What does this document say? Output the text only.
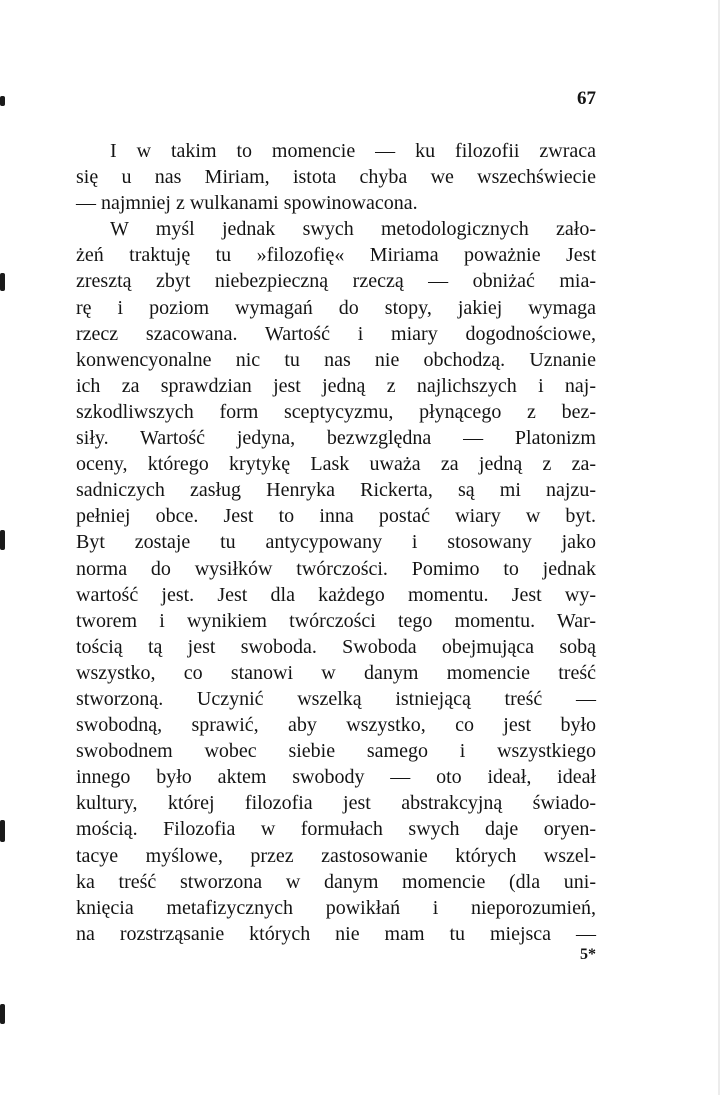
67
I w takim to momencie — ku filozofii zwraca
się u nas Miriam, istota chyba we wszechświecie
— najmniej z wulkanami spowinowacona.
W myśl jednak swych metodologicznych zało-
żeń traktuję tu »filozofię« Miriama poważnie Jest
zresztą zbyt niebezpieczną rzeczą — obniżać mia-
rę i poziom wymagań do stopy, jakiej wymaga
rzecz szacowana. Wartość i miary dogodnościowe,
konwencyonalne nic tu nas nie obchodzą. Uznanie
ich za sprawdzian jest jedną z najlichszych i naj-
szkodliwszych form sceptycyzmu, płynącego z bez-
siły. Wartość jedyna, bezwzględna — Platonizm
oceny, którego krytykę Lask uważa za jedną z za-
sadniczych zasług Henryka Rickerta, są mi najzu-
pełniej obce. Jest to inna postać wiary w byt.
Byt zostaje tu antycypowany i stosowany jako
norma do wysiłków twórczości. Pomimo to jednak
wartość jest. Jest dla każdego momentu. Jest wy-
tworem i wynikiem twórczości tego momentu. War-
tością tą jest swoboda. Swoboda obejmująca sobą
wszystko, co stanowi w danym momencie treść
stworzoną. Uczynić wszelką istniejącą treść —
swobodną, sprawić, aby wszystko, co jest było
swobodnem wobec siebie samego i wszystkiego
innego było aktem swobody — oto ideał, ideał
kultury, której filozofia jest abstrakcyjną świado-
mością. Filozofia w formułach swych daje oryen-
tacye myślowe, przez zastosowanie których wszel-
ka treść stworzona w danym momencie (dla uni-
knięcia metafizycznych powikłań i nieporozumień,
na rozstrząsanie których nie mam tu miejsca —
5*
